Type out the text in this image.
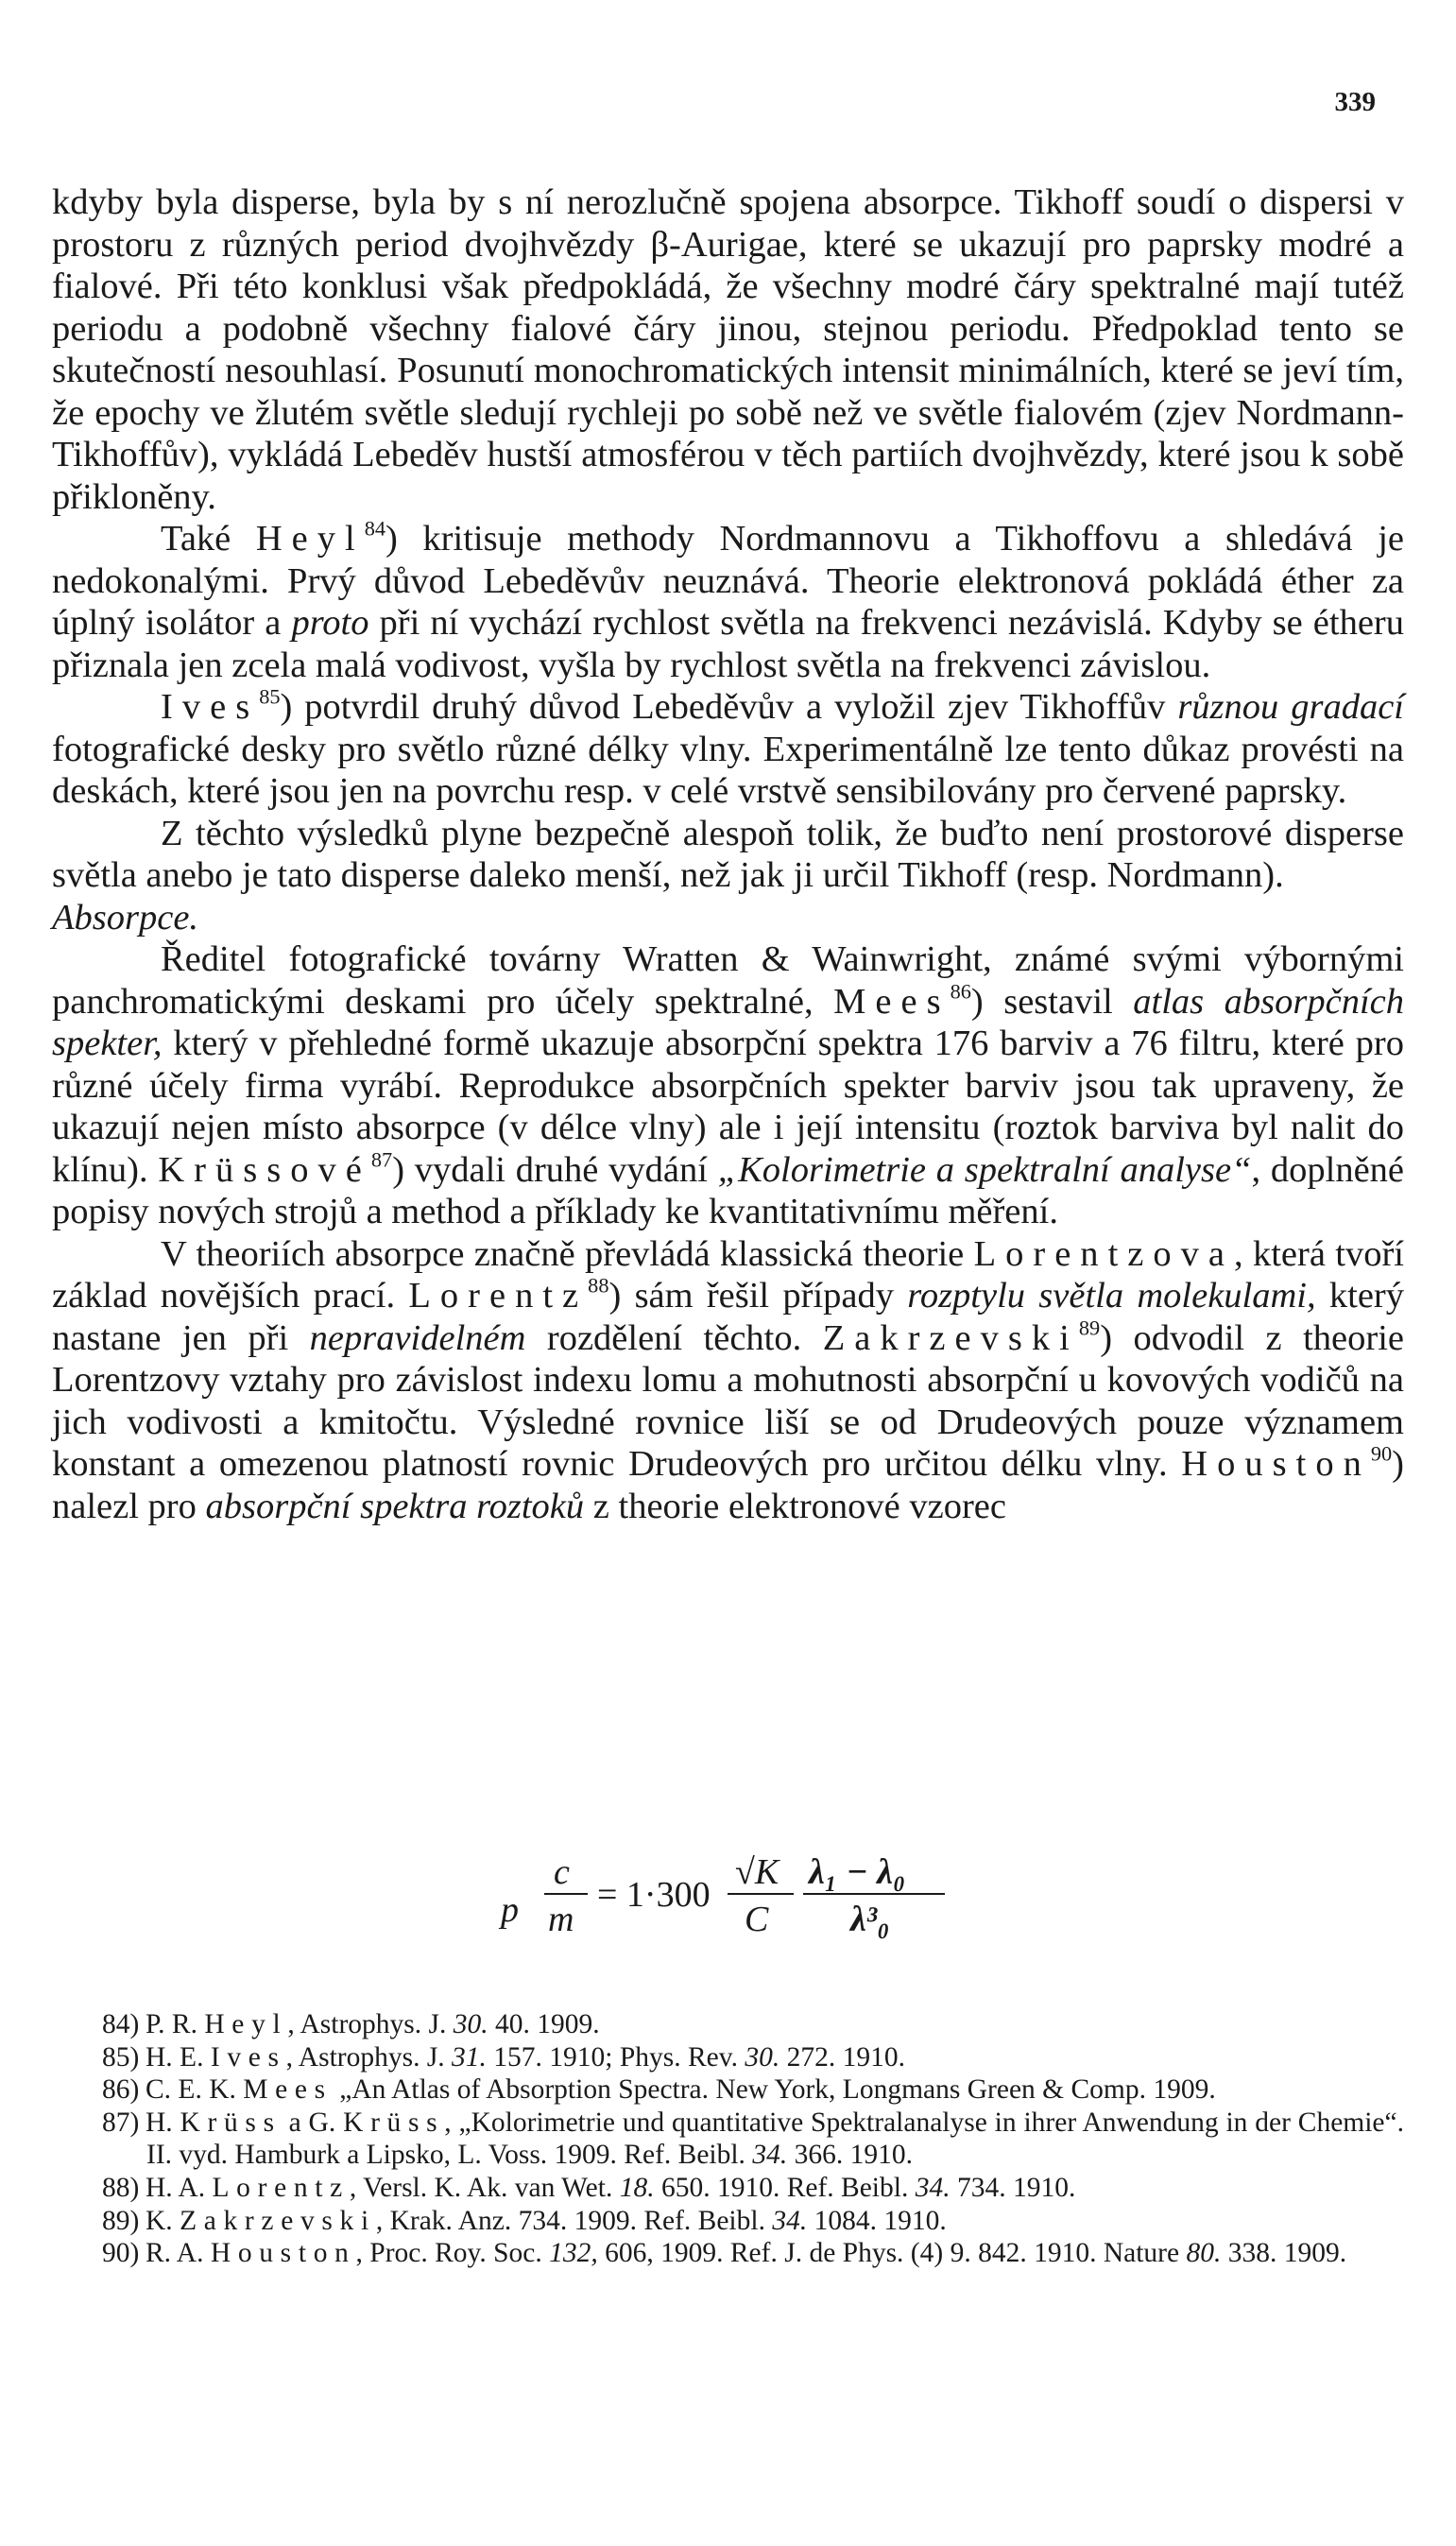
339

kdyby byla disperse, byla by s ní nerozlučně spojena absorpce. Tikhoff soudí o dispersi v prostoru z různých period dvojhvězdy β-Aurigae, které se ukazují pro paprsky modré a fialové. Při této konklusi však předpokládá, že všechny modré čáry spektralné mají tutéž periodu a podobně všechny fialové čáry jinou, stejnou periodu. Předpoklad tento se skutečností nesouhlasí. Posunutí monochromatických intensit minimálních, které se jeví tím, že epochy ve žlutém světle sledují rychleji po sobě než ve světle fialovém (zjev Nordmann-Tikhoffův), vykládá Lebeděv hustší atmosférou v těch partiích dvojhvězdy, které jsou k sobě přikloněny.

Také Heyl$^{84}$) kritisuje methody Nordmannovu a Tikhoffovu a shledává je nedokonalými. Prvý důvod Lebeděvův neuznává. Theorie elektronová pokládá éther za úplný isolátor a proto při ní vychází rychlost světla na frekvenci nezávislá. Kdyby se étheru přiznala jen zcela malá vodivost, vyšla by rychlost světla na frekvenci závislou.

Ives$^{85}$) potvrdil druhý důvod Lebeděvův a vyložil zjev Tikhoffův různou gradací fotografické desky pro světlo různé délky vlny. Experimentálně lze tento důkaz provésti na deskách, které jsou jen na povrchu resp. v celé vrstvě sensibilovány pro červené paprsky.

Z těchto výsledků plyne bezpečně alespoň tolik, že buďto není prostorové disperse světla anebo je tato disperse daleko menší, než jak ji určil Tikhoff (resp. Nordmann).

Absorpce.

Ředitel fotografické továrny Wratten & Wainwright, známé svými výbornými panchromatickými deskami pro účely spektralné, Mees$^{86}$) sestavil atlas absorpčních spekter, který v přehledné formě ukazuje absorpční spektra 176 barviv a 76 filtru, které pro různé účely firma vyrábí. Reprodukce absorpčních spekter barviv jsou tak upraveny, že ukazují nejen místo absorpce (v délce vlny) ale i její intensitu (roztok barviva byl nalit do klínu). Krüssové$^{87}$) vydali druhé vydání „Kolorimetrie a spektralní analyse“, doplněné popisy nových strojů a method a příklady ke kvantitativnímu měření.

V theoriích absorpce značně převládá klassická theorie Lorentzova, která tvoří základ novějších prací. Lorentz$^{88}$) sám řešil případy rozptylu světla molekulami, který nastane jen při nepravidelném rozdělení těchto. Zakrzevski$^{89}$) odvodil z theorie Lorentzovy vztahy pro závislost indexu lomu a mohutnosti absorpční u kovových vodičů na jich vodivosti a kmitočtu. Výsledné rovnice liší se od Drudeových pouze významem konstant a omezenou platností rovnic Drudeových pro určitou délku vlny. Houston$^{90}$) nalezl pro absorpční spektra roztoků z theorie elektronové vzorec

p
c
m
= 1·300
√K
C
λ₁ − λ₀
λ³₀

84) P. R. Heyl, Astrophys. J. 30. 40. 1909.

85) H. E. Ives, Astrophys. J. 31. 157. 1910; Phys. Rev. 30. 272. 1910.

86) C. E. K. Mees „An Atlas of Absorption Spectra. New York, Longmans Green & Comp. 1909.

87) H. Krüss a G. Krüss, „Kolorimetrie und quantitative Spektralanalyse in ihrer Anwendung in der Chemie“. II. vyd. Hamburk a Lipsko, L. Voss. 1909. Ref. Beibl. 34. 366. 1910.

88) H. A. Lorentz, Versl. K. Ak. van Wet. 18. 650. 1910. Ref. Beibl. 34. 734. 1910.

89) K. Zakrzevski, Krak. Anz. 734. 1909. Ref. Beibl. 34. 1084. 1910.

90) R. A. Houston, Proc. Roy. Soc. 132, 606, 1909. Ref. J. de Phys. (4) 9. 842. 1910. Nature 80. 338. 1909.
